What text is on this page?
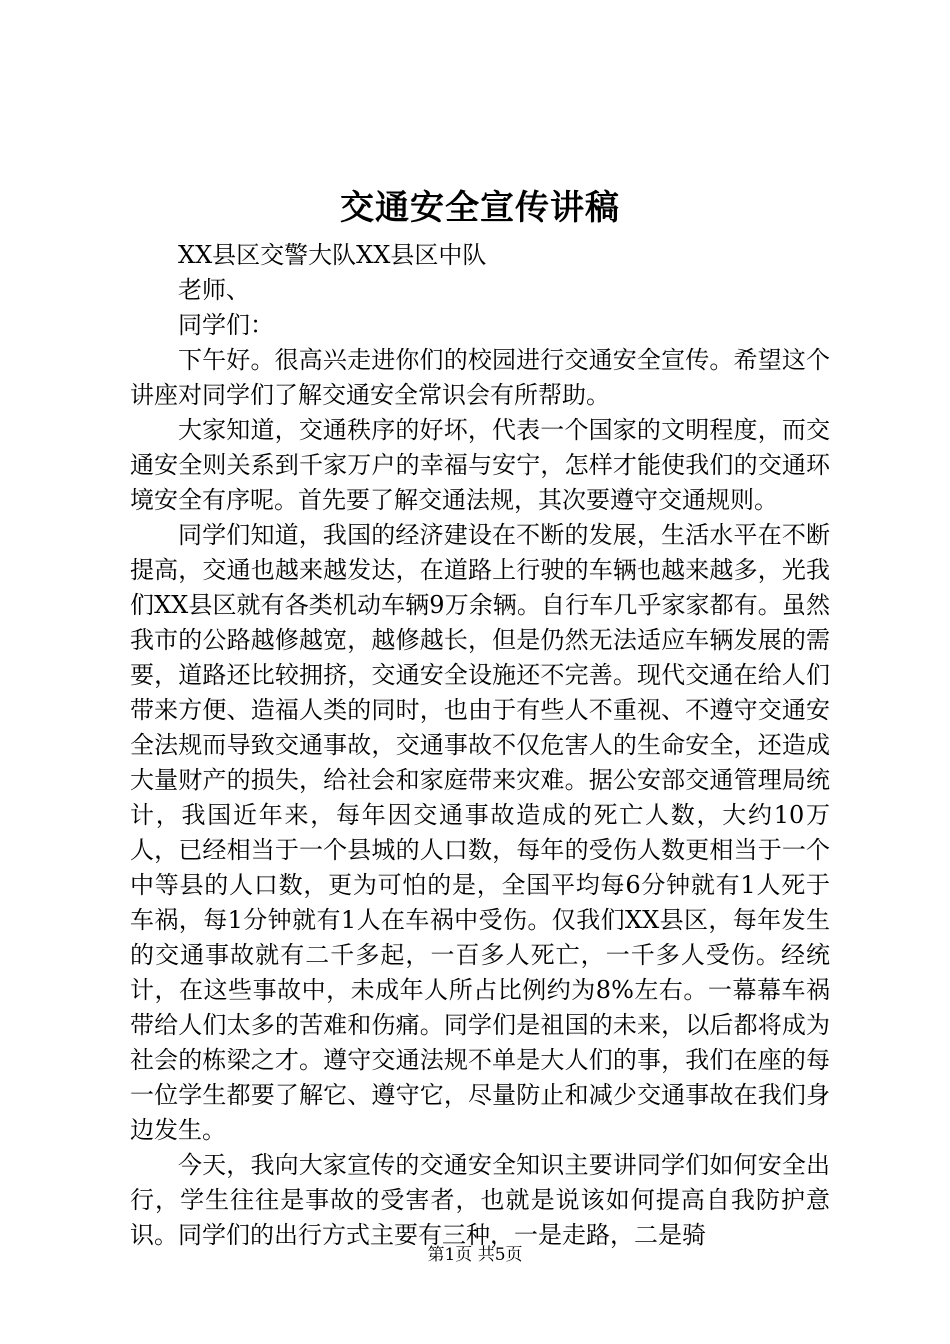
交通安全宣传讲稿

XX县区交警大队XX县区中队

老师、

同学们：

下午好。很高兴走进你们的校园进行交通安全宣传。希望这个讲座对同学们了解交通安全常识会有所帮助。

大家知道，交通秩序的好坏，代表一个国家的文明程度，而交通安全则关系到千家万户的幸福与安宁，怎样才能使我们的交通环境安全有序呢。首先要了解交通法规，其次要遵守交通规则。

同学们知道，我国的经济建设在不断的发展，生活水平在不断提高，交通也越来越发达，在道路上行驶的车辆也越来越多，光我们XX县区就有各类机动车辆9万余辆。自行车几乎家家都有。虽然我市的公路越修越宽，越修越长，但是仍然无法适应车辆发展的需要，道路还比较拥挤，交通安全设施还不完善。现代交通在给人们带来方便、造福人类的同时，也由于有些人不重视、不遵守交通安全法规而导致交通事故，交通事故不仅危害人的生命安全，还造成大量财产的损失，给社会和家庭带来灾难。据公安部交通管理局统计，我国近年来，每年因交通事故造成的死亡人数，大约10万人，已经相当于一个县城的人口数，每年的受伤人数更相当于一个中等县的人口数，更为可怕的是，全国平均每6分钟就有1人死于车祸，每1分钟就有1人在车祸中受伤。仅我们XX县区，每年发生的交通事故就有二千多起，一百多人死亡，一千多人受伤。经统计，在这些事故中，未成年人所占比例约为8%左右。一幕幕车祸带给人们太多的苦难和伤痛。同学们是祖国的未来，以后都将成为社会的栋梁之才。遵守交通法规不单是大人们的事，我们在座的每一位学生都要了解它、遵守它，尽量防止和减少交通事故在我们身边发生。

今天，我向大家宣传的交通安全知识主要讲同学们如何安全出行，学生往往是事故的受害者，也就是说该如何提高自我防护意识。同学们的出行方式主要有三种，一是走路，二是骑

第1页 共5页
